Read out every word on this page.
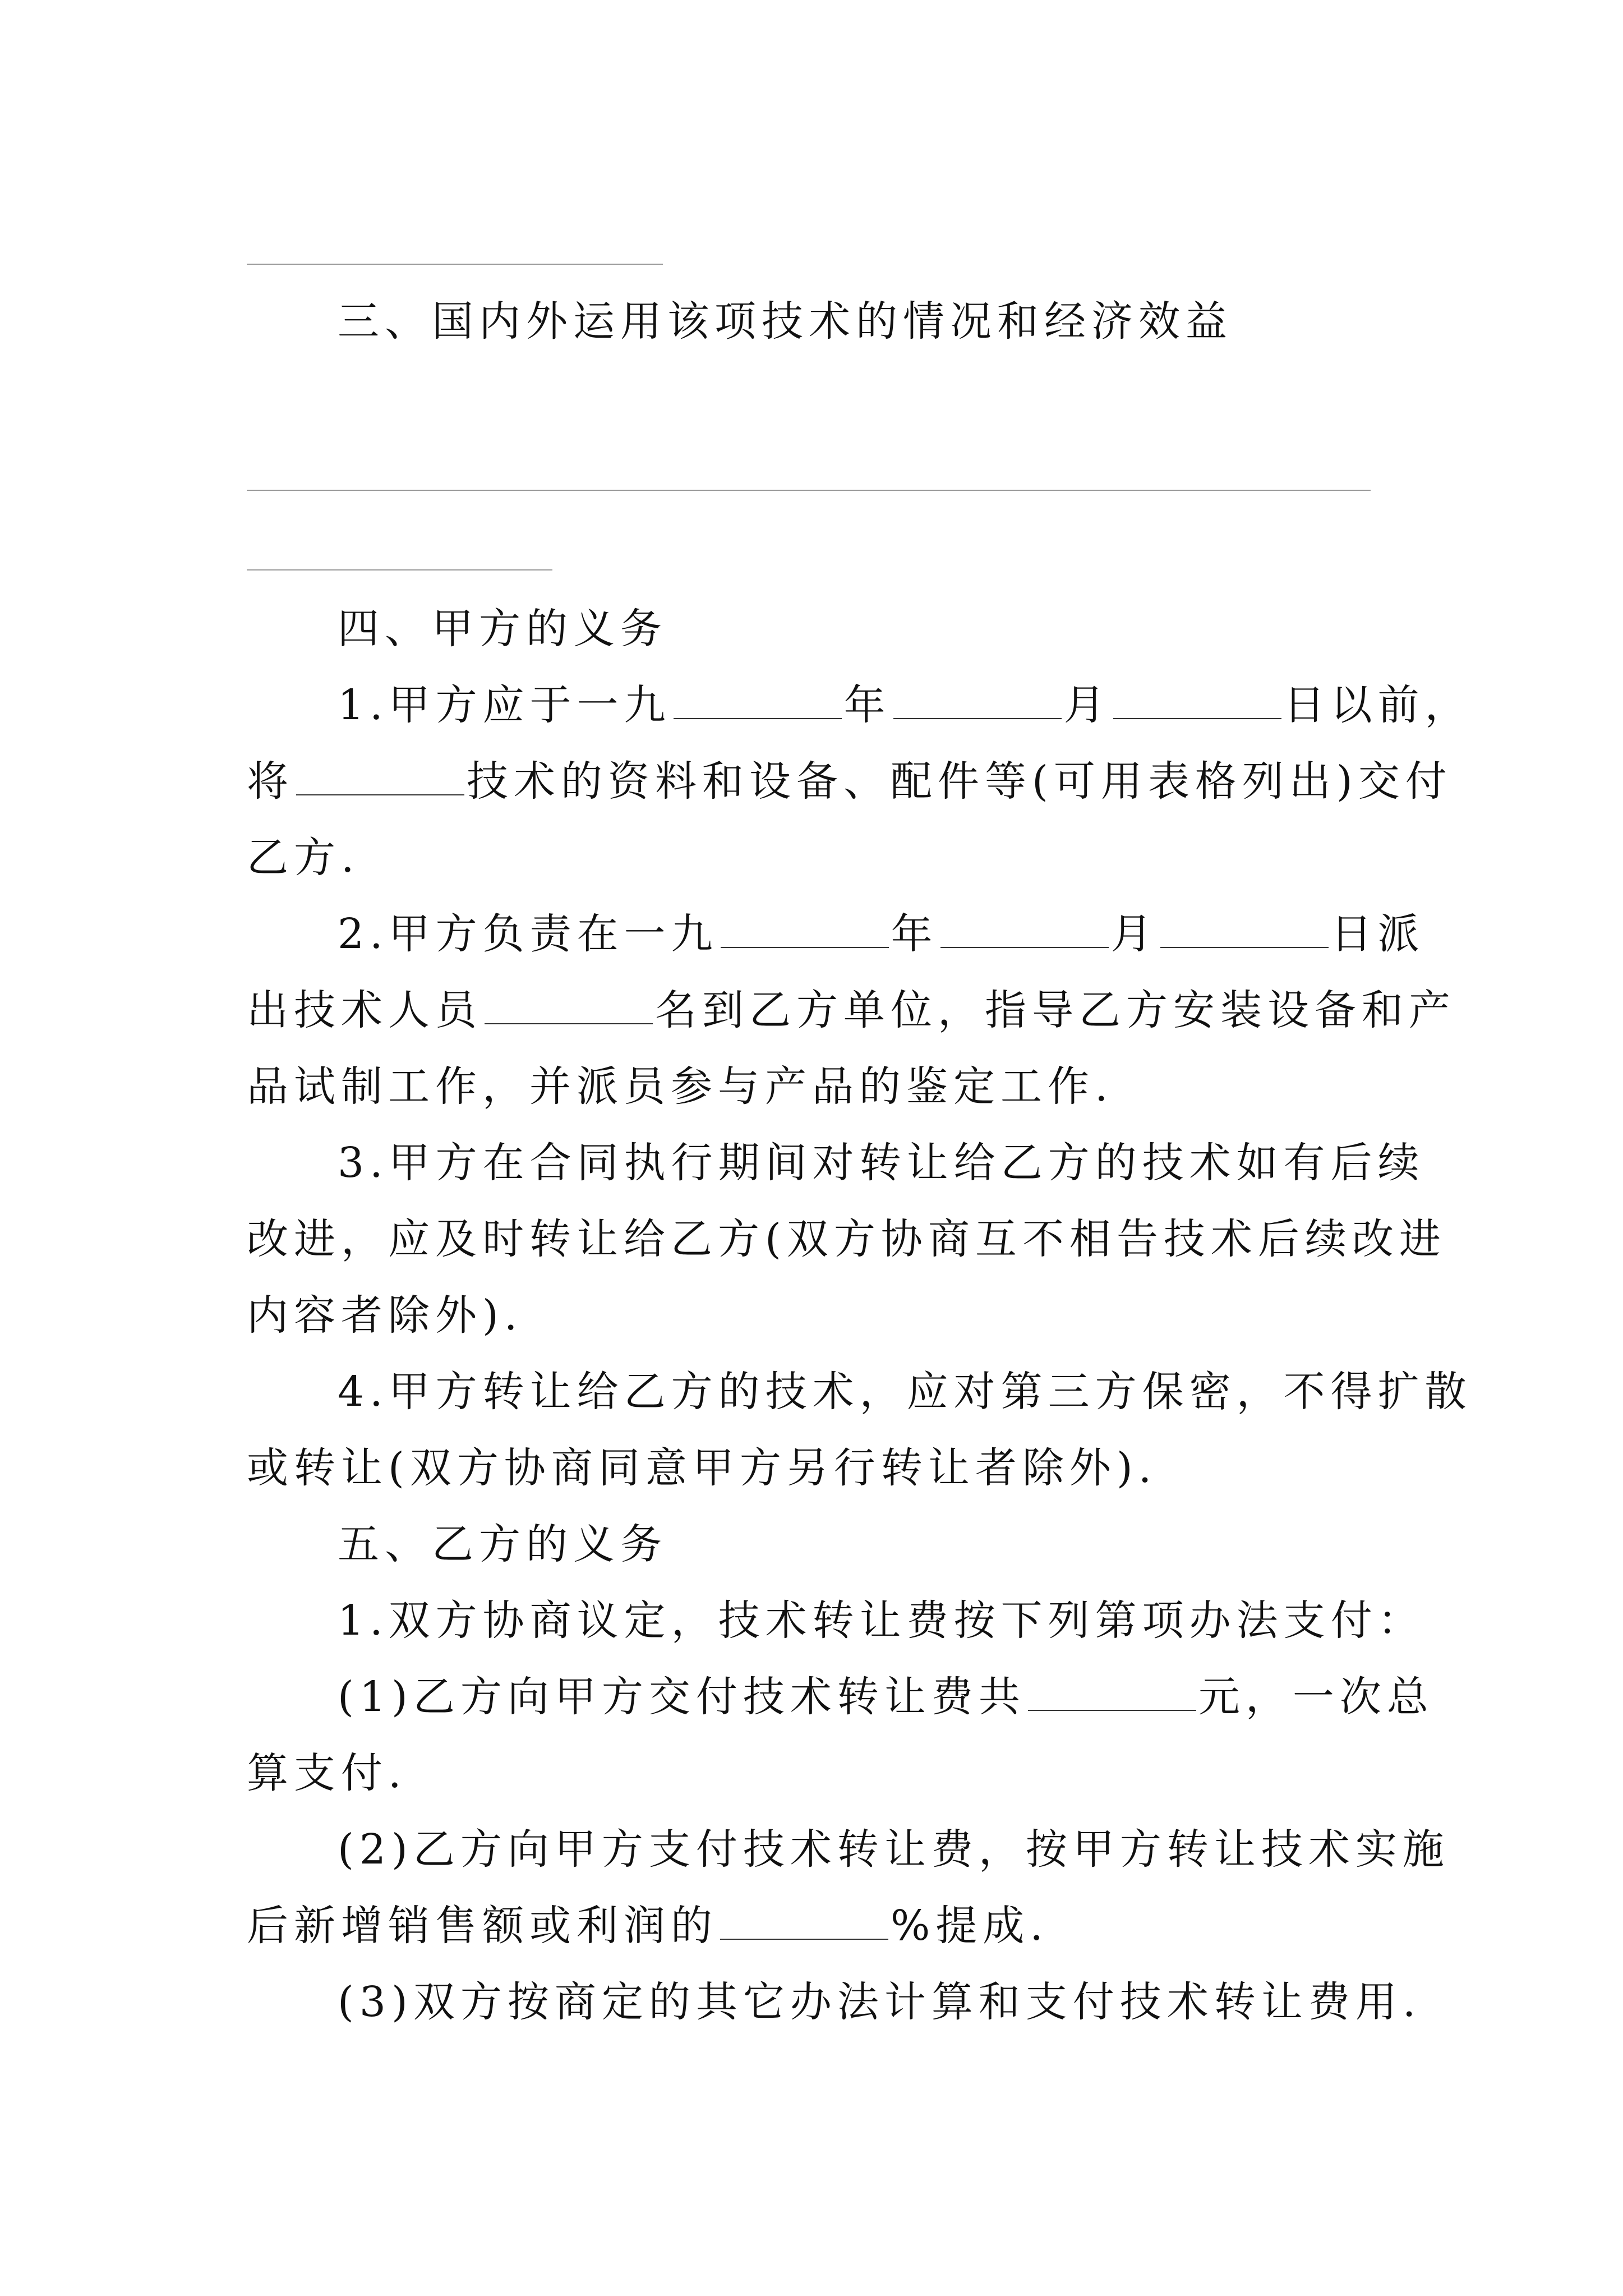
三、国内外运用该项技术的情况和经济效益
四、甲方的义务
1.甲方应于一九	年	月	日以前，
将	技术的资料和设备、配件等(可用表格列出)交付
乙方.
2.甲方负责在一九	年	月	日派
出技术人员	名到乙方单位，指导乙方安装设备和产
品试制工作，并派员参与产品的鉴定工作.
3.甲方在合同执行期间对转让给乙方的技术如有后续
改进，应及时转让给乙方(双方协商互不相告技术后续改进
内容者除外).
4.甲方转让给乙方的技术，应对第三方保密，不得扩散
或转让(双方协商同意甲方另行转让者除外).
五、乙方的义务
1.双方协商议定，技术转让费按下列第项办法支付：
(1)乙方向甲方交付技术转让费共	元，一次总
算支付.
(2)乙方向甲方支付技术转让费，按甲方转让技术实施
后新增销售额或利润的	%提成.
(3)双方按商定的其它办法计算和支付技术转让费用.
